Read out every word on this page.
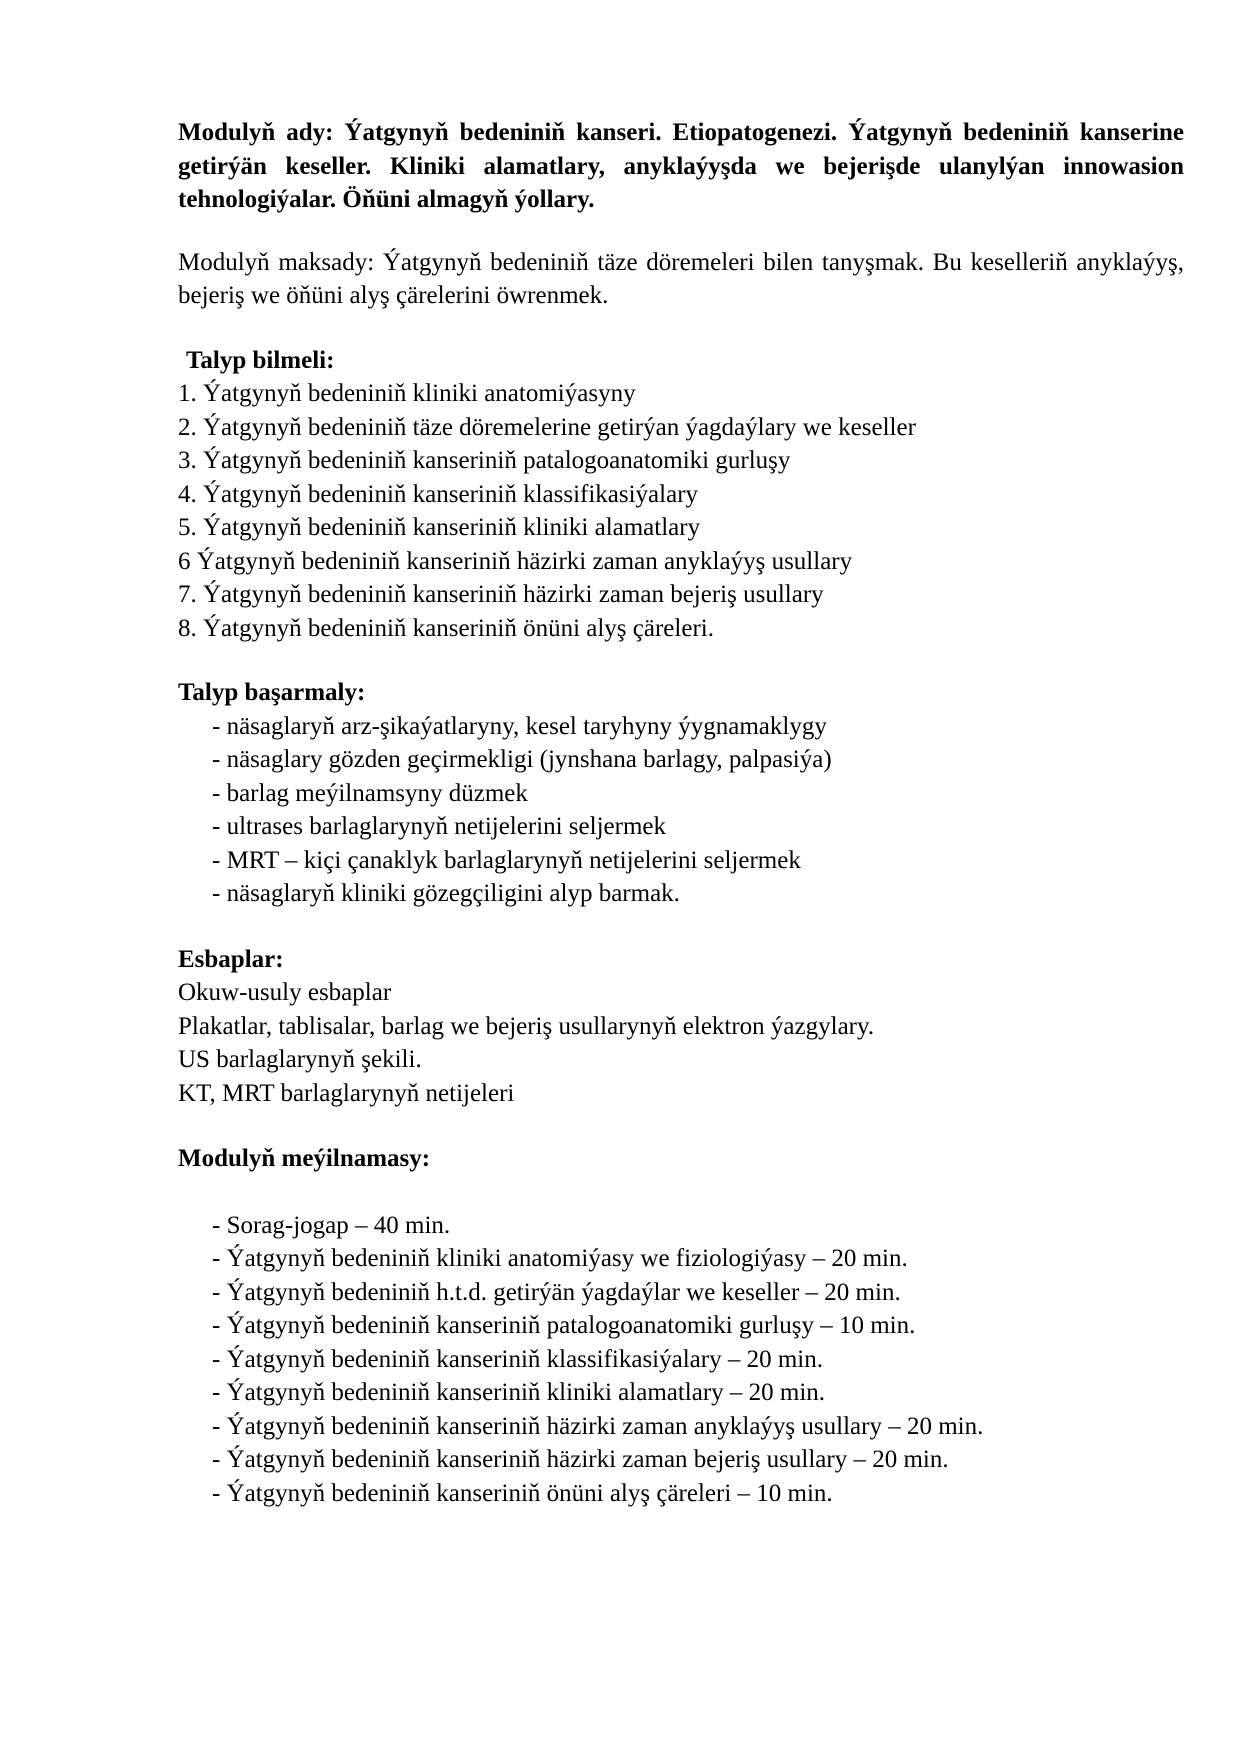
Modulyň ady: Ýatgynyň bedeniniň kanseri. Etiopatogenezi. Ýatgynyň bedeniniň kanserine getirýän keseller. Kliniki alamatlary, anyklaýyşda we bejerişde ulanylýan innowasion tehnologiýalar. Öňüni almagyň ýollary.

Modulyň maksady: Ýatgynyň bedeniniň täze döremeleri bilen tanyşmak. Bu keselleriň anyklaýyş, bejeriş we öňüni alyş çärelerini öwrenmek.

Talyp bilmeli:

1. Ýatgynyň bedeniniň kliniki anatomiýasyny
2. Ýatgynyň bedeniniň täze döremelerine getirýan ýagdaýlary we keseller
3. Ýatgynyň bedeniniň kanseriniň patalogoanatomiki gurluşy
4. Ýatgynyň bedeniniň kanseriniň klassifikasiýalary
5. Ýatgynyň bedeniniň kanseriniň kliniki alamatlary
6 Ýatgynyň bedeniniň kanseriniň häzirki zaman anyklaýyş usullary
7. Ýatgynyň bedeniniň kanseriniň häzirki zaman bejeriş usullary
8. Ýatgynyň bedeniniň kanseriniň önüni alyş çäreleri.

Talyp başarmaly:

- näsaglaryň arz-şikaýatlaryny, kesel taryhyny ýygnamaklygy
- näsaglary gözden geçirmekligi (jynshana barlagy, palpasiýa)
- barlag meýilnamsyny düzmek
- ultrases barlaglarynyň netijelerini seljermek
- MRT – kiçi çanaklyk barlaglarynyň netijelerini seljermek
- näsaglaryň kliniki gözegçiligini alyp barmak.

Esbaplar:

Okuw-usuly esbaplar
Plakatlar, tablisalar, barlag we bejeriş usullarynyň elektron ýazgylary.
US barlaglarynyň şekili.
KT, MRT barlaglarynyň netijeleri

Modulyň meýilnamasy:

- Sorag-jogap – 40 min.
- Ýatgynyň bedeniniň kliniki anatomiýasy we fiziologiýasy – 20 min.
- Ýatgynyň bedeniniň h.t.d. getirýän ýagdaýlar we keseller – 20 min.
- Ýatgynyň bedeniniň kanseriniň patalogoanatomiki gurluşy – 10 min.
- Ýatgynyň bedeniniň kanseriniň klassifikasiýalary – 20 min.
- Ýatgynyň bedeniniň kanseriniň kliniki alamatlary – 20 min.
- Ýatgynyň bedeniniň kanseriniň häzirki zaman anyklaýyş usullary – 20 min.
- Ýatgynyň bedeniniň kanseriniň häzirki zaman bejeriş usullary – 20 min.
- Ýatgynyň bedeniniň kanseriniň önüni alyş çäreleri – 10 min.
